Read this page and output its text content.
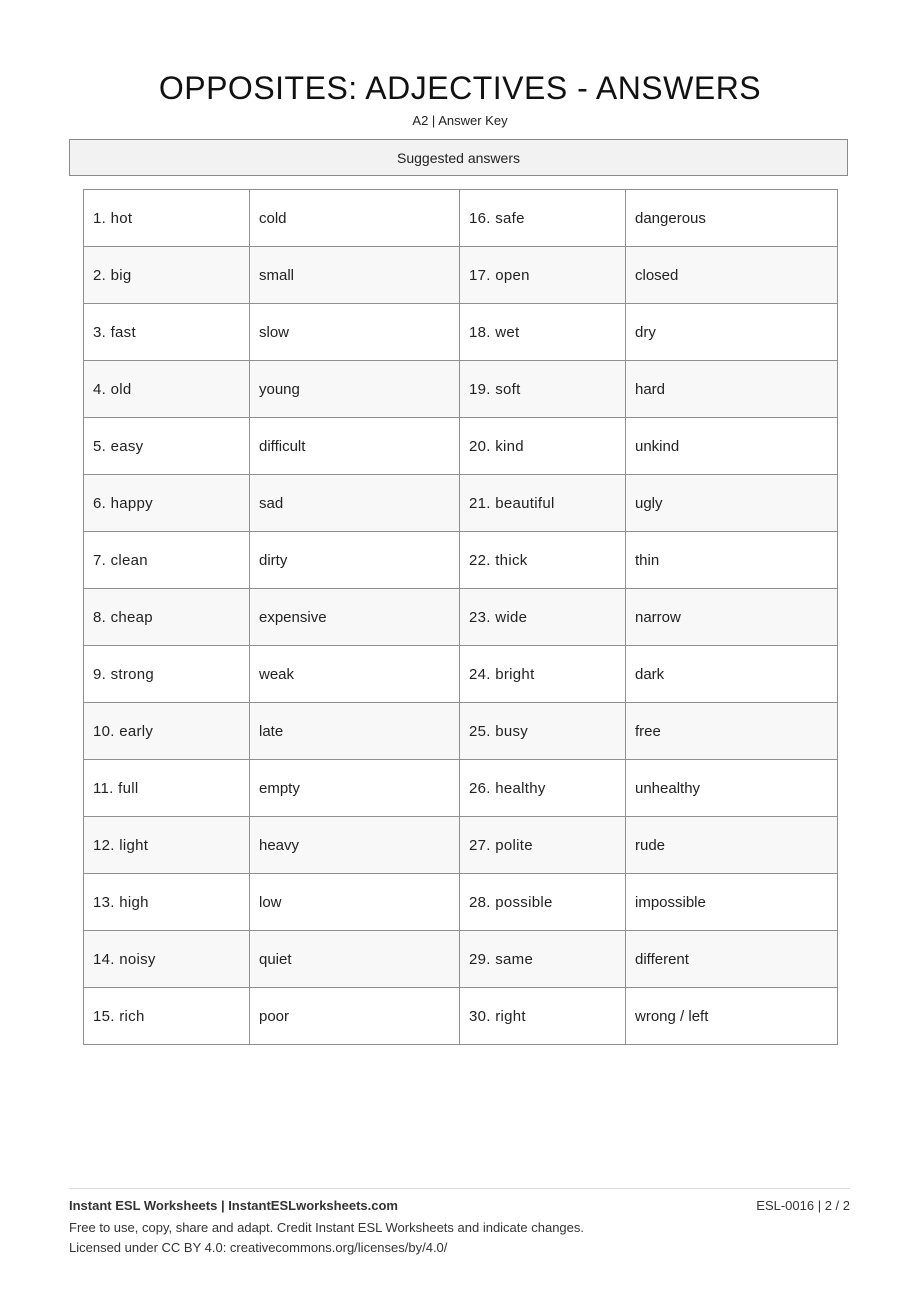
OPPOSITES: ADJECTIVES - ANSWERS
A2 | Answer Key
Suggested answers
1. hot	cold	16. safe	dangerous
2. big	small	17. open	closed
3. fast	slow	18. wet	dry
4. old	young	19. soft	hard
5. easy	difficult	20. kind	unkind
6. happy	sad	21. beautiful	ugly
7. clean	dirty	22. thick	thin
8. cheap	expensive	23. wide	narrow
9. strong	weak	24. bright	dark
10. early	late	25. busy	free
11. full	empty	26. healthy	unhealthy
12. light	heavy	27. polite	rude
13. high	low	28. possible	impossible
14. noisy	quiet	29. same	different
15. rich	poor	30. right	wrong / left
Instant ESL Worksheets | InstantESLworksheets.com	ESL-0016 | 2 / 2
Free to use, copy, share and adapt. Credit Instant ESL Worksheets and indicate changes.
Licensed under CC BY 4.0: creativecommons.org/licenses/by/4.0/
